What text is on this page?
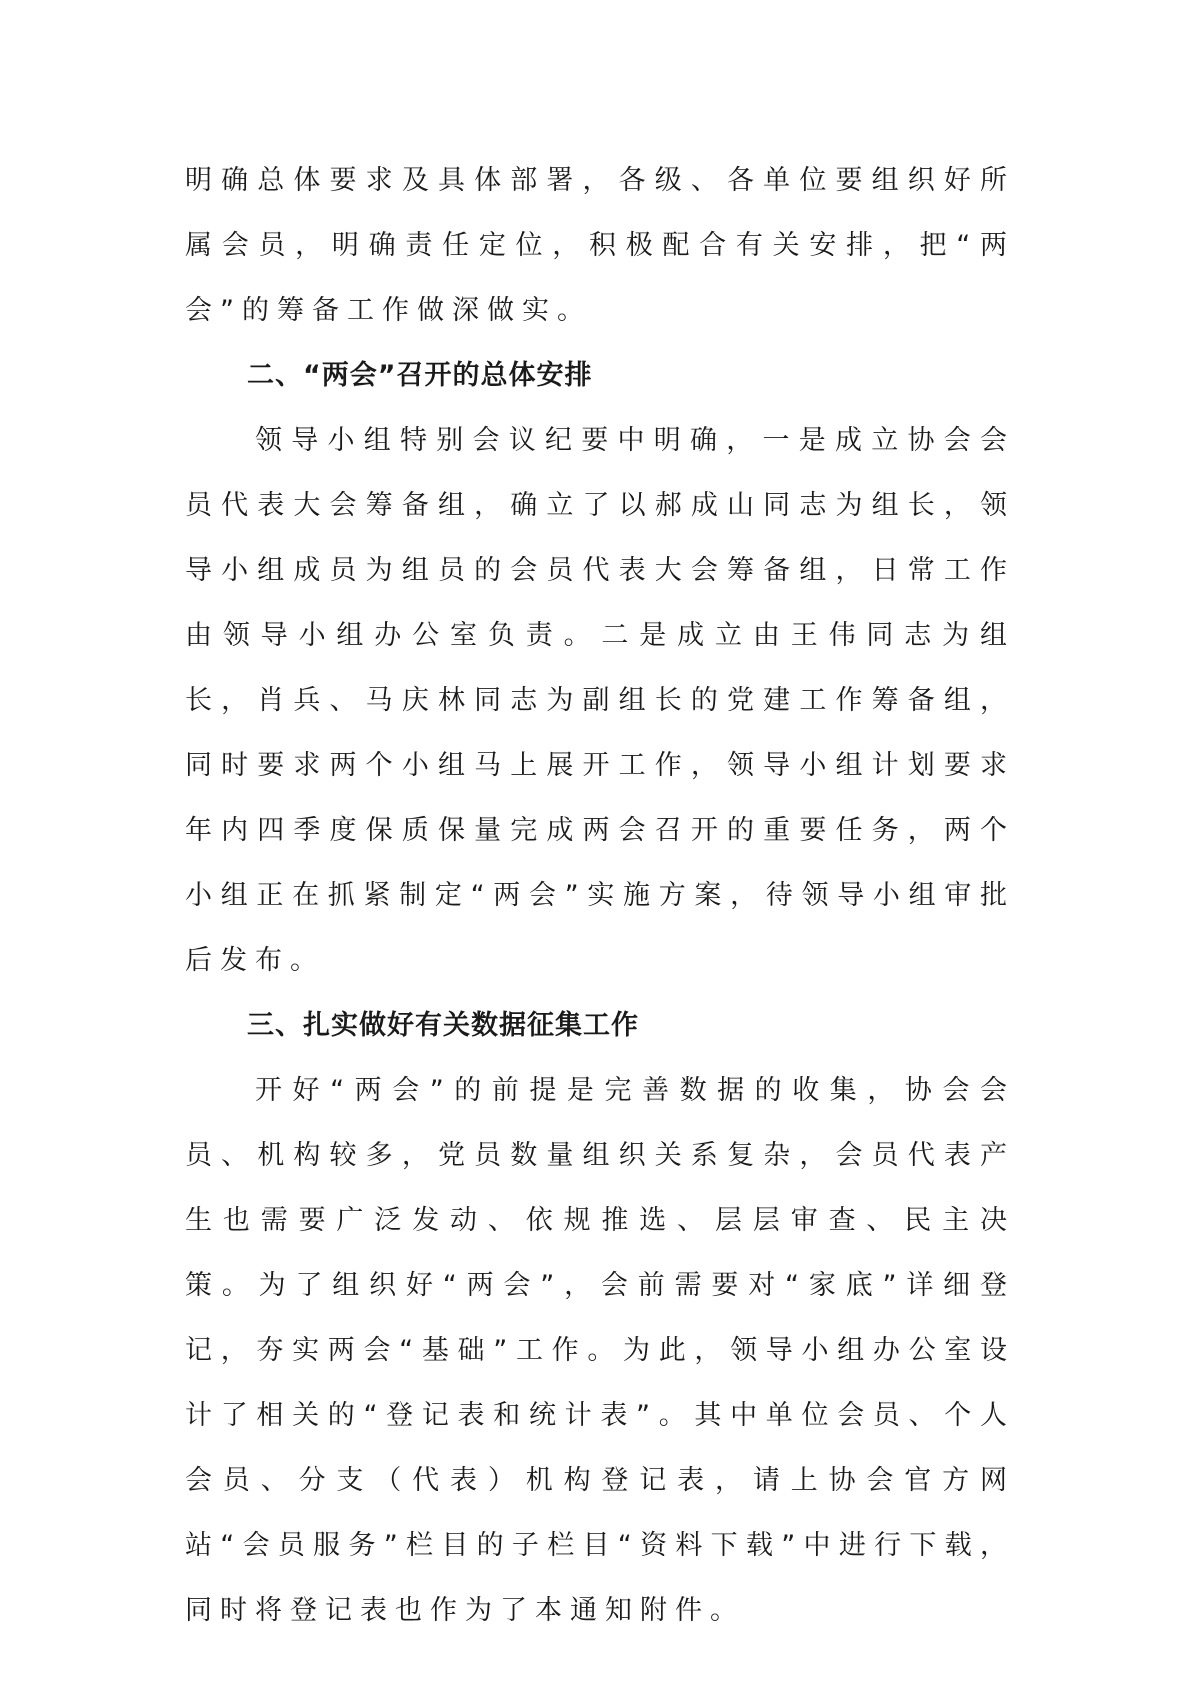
明确总体要求及具体部署，各级、各单位要组织好所属会员，明确责任定位，积极配合有关安排，把“两会”的筹备工作做深做实。

二、“两会”召开的总体安排

领导小组特别会议纪要中明确，一是成立协会会员代表大会筹备组，确立了以郝成山同志为组长，领导小组成员为组员的会员代表大会筹备组，日常工作由领导小组办公室负责。二是成立由王伟同志为组长，肖兵、马庆林同志为副组长的党建工作筹备组，同时要求两个小组马上展开工作，领导小组计划要求年内四季度保质保量完成两会召开的重要任务，两个小组正在抓紧制定“两会”实施方案，待领导小组审批后发布。

三、扎实做好有关数据征集工作

开好“两会”的前提是完善数据的收集，协会会员、机构较多，党员数量组织关系复杂，会员代表产生也需要广泛发动、依规推选、层层审查、民主决策。为了组织好“两会”，会前需要对“家底”详细登记，夯实两会“基础”工作。为此，领导小组办公室设计了相关的“登记表和统计表”。其中单位会员、个人会员、分支（代表）机构登记表，请上协会官方网站“会员服务”栏目的子栏目“资料下载”中进行下载，同时将登记表也作为了本通知附件。
